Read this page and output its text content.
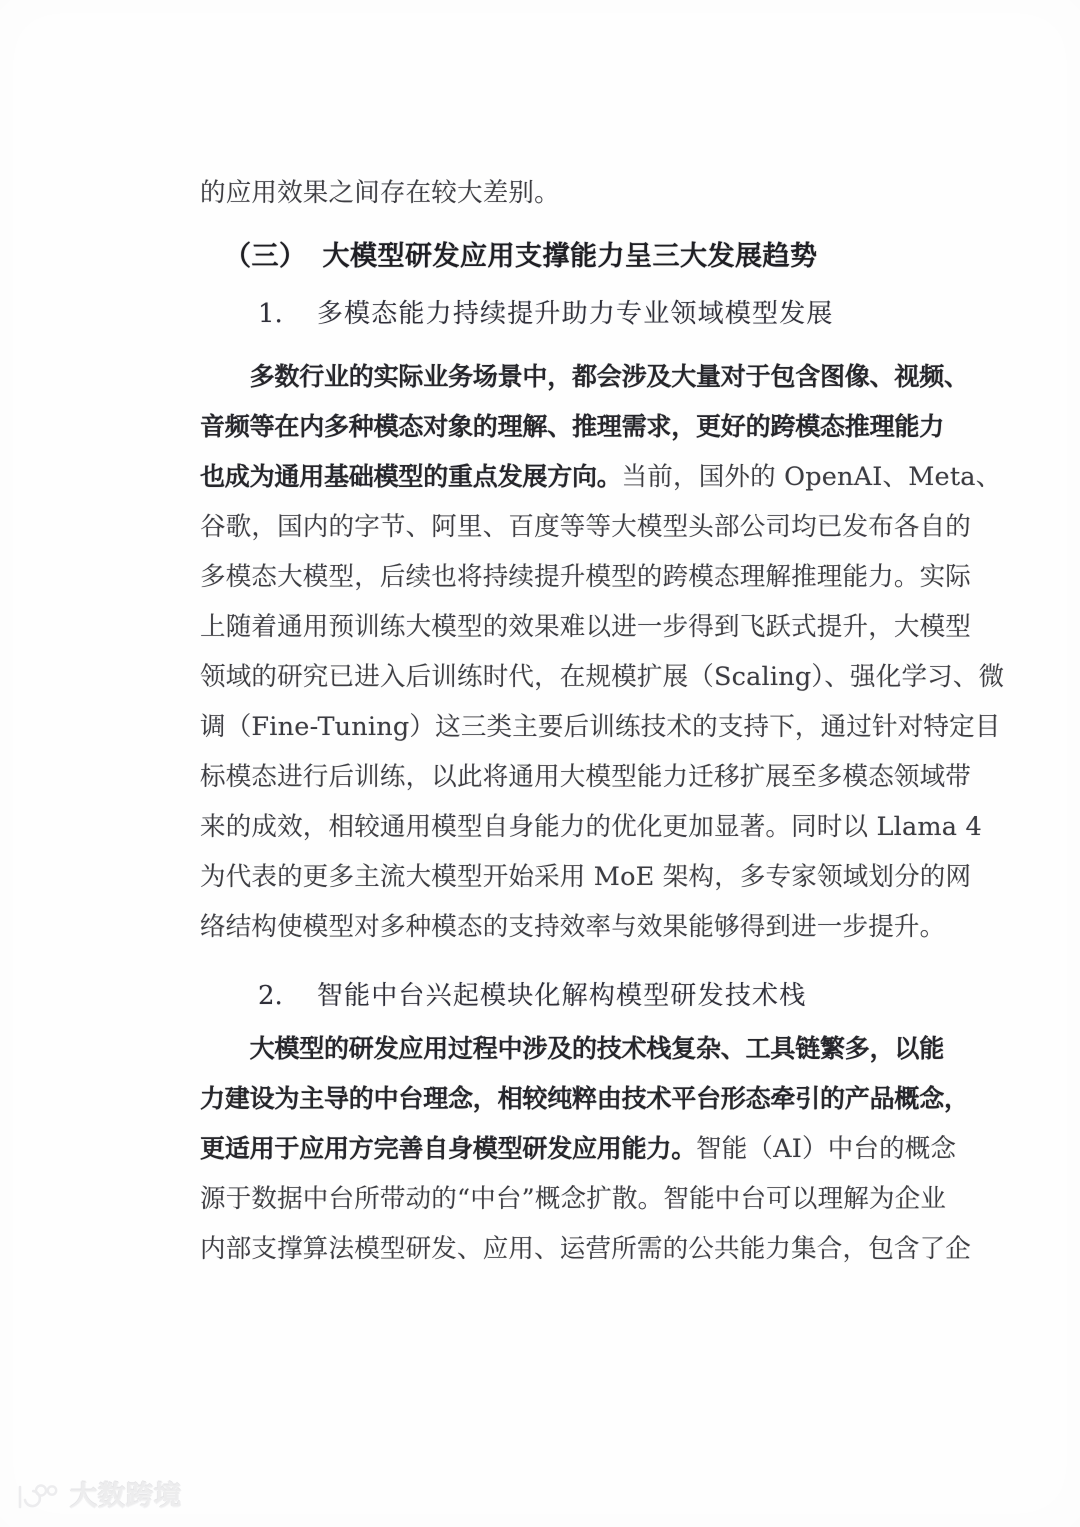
的应用效果之间存在较大差别。
（三） 大模型研发应用支撑能力呈三大发展趋势
1. 多模态能力持续提升助力专业领域模型发展
　　多数行业的实际业务场景中，都会涉及大量对于包含图像、视频、
音频等在内多种模态对象的理解、推理需求，更好的跨模态推理能力
也成为通用基础模型的重点发展方向。当前，国外的 OpenAI、Meta、
谷歌，国内的字节、阿里、百度等等大模型头部公司均已发布各自的
多模态大模型，后续也将持续提升模型的跨模态理解推理能力。实际
上随着通用预训练大模型的效果难以进一步得到飞跃式提升，大模型
领域的研究已进入后训练时代，在规模扩展（Scaling）、强化学习、微
调（Fine-Tuning）这三类主要后训练技术的支持下，通过针对特定目
标模态进行后训练，以此将通用大模型能力迁移扩展至多模态领域带
来的成效，相较通用模型自身能力的优化更加显著。同时以 Llama 4
为代表的更多主流大模型开始采用 MoE 架构，多专家领域划分的网
络结构使模型对多种模态的支持效率与效果能够得到进一步提升。
2. 智能中台兴起模块化解构模型研发技术栈
　　大模型的研发应用过程中涉及的技术栈复杂、工具链繁多，以能
力建设为主导的中台理念，相较纯粹由技术平台形态牵引的产品概念，
更适用于应用方完善自身模型研发应用能力。智能（AI）中台的概念
源于数据中台所带动的“中台”概念扩散。智能中台可以理解为企业
内部支撑算法模型研发、应用、运营所需的公共能力集合，包含了企
大数跨境
